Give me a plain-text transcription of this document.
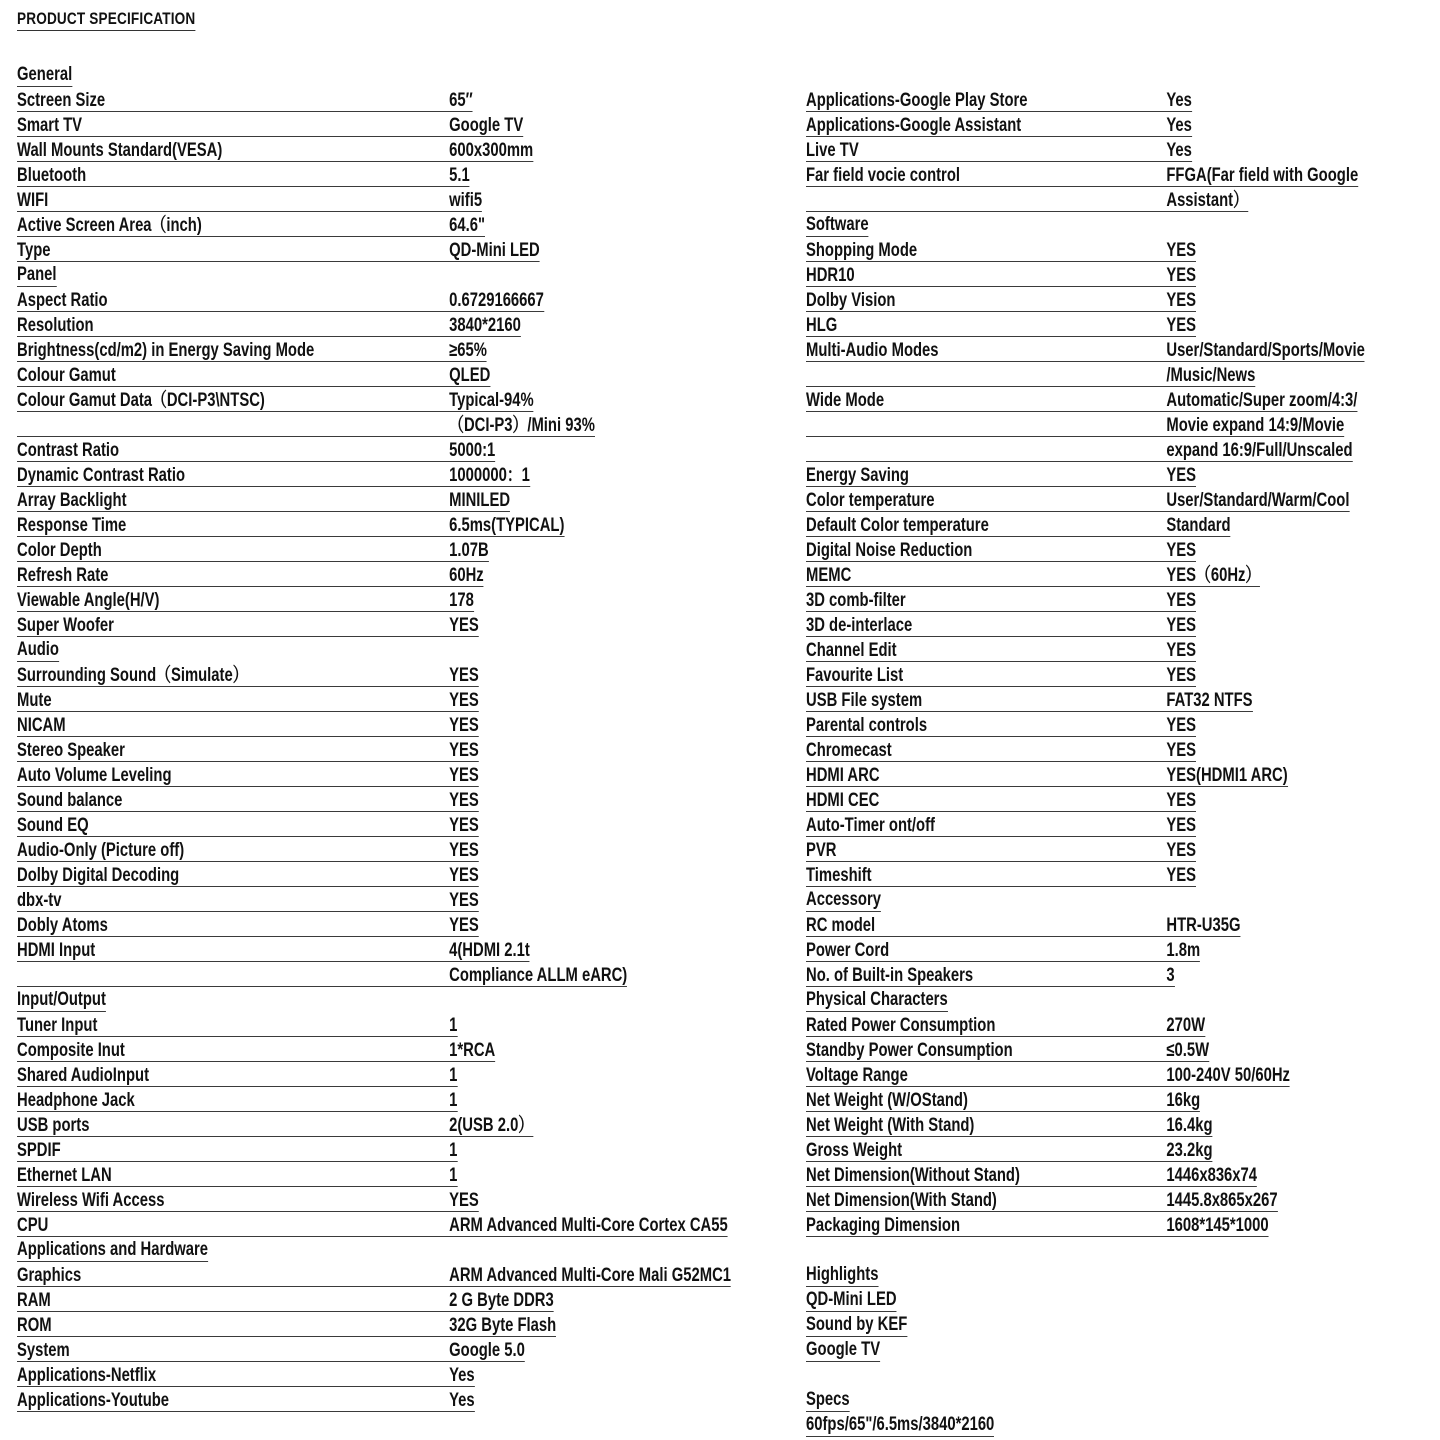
PRODUCT SPECIFICATION
General
Sctreen Size	65″
Smart TV	Google TV
Wall Mounts Standard(VESA)	600x300mm
Bluetooth	5.1
WIFI	wifi5
Active Screen Area（inch)	64.6"
Type	QD-Mini LED
Panel
Aspect Ratio	0.6729166667
Resolution	3840*2160
Brightness(cd/m2) in Energy Saving Mode	≥65%
Colour Gamut	QLED
Colour Gamut Data（DCI-P3\NTSC)	Typical-94%
（DCI-P3）/Mini 93%
Contrast Ratio	5000:1
Dynamic Contrast Ratio	1000000：1
Array Backlight	MINILED
Response Time	6.5ms(TYPICAL)
Color Depth	1.07B
Refresh Rate	60Hz
Viewable Angle(H/V)	178
Super Woofer	YES
Audio
Surrounding Sound（Simulate）	YES
Mute	YES
NICAM	YES
Stereo Speaker	YES
Auto Volume Leveling	YES
Sound balance	YES
Sound EQ	YES
Audio-Only (Picture off)	YES
Dolby Digital Decoding	YES
dbx-tv	YES
Dobly Atoms	YES
HDMI Input	4(HDMI 2.1t
Compliance ALLM eARC)
Input/Output
Tuner Input	1
Composite Inut	1*RCA
Shared AudioInput	1
Headphone Jack	1
USB ports	2(USB 2.0）
SPDIF	1
Ethernet LAN	1
Wireless Wifi Access	YES
CPU	ARM Advanced Multi-Core Cortex CA55
Applications and Hardware
Graphics	ARM Advanced Multi-Core Mali G52MC1
RAM	2 G Byte DDR3
ROM	32G Byte Flash
System	Google 5.0
Applications-Netflix	Yes
Applications-Youtube	Yes
Applications-Google Play Store	Yes
Applications-Google Assistant	Yes
Live TV	Yes
Far field vocie control	FFGA(Far field with Google
Assistant）
Software
Shopping Mode	YES
HDR10	YES
Dolby Vision	YES
HLG	YES
Multi-Audio Modes	User/Standard/Sports/Movie
/Music/News
Wide Mode	Automatic/Super zoom/4:3/
Movie expand 14:9/Movie
expand 16:9/Full/Unscaled
Energy Saving	YES
Color temperature	User/Standard/Warm/Cool
Default Color temperature	Standard
Digital Noise Reduction	YES
MEMC	YES（60Hz）
3D comb-filter	YES
3D de-interlace	YES
Channel Edit	YES
Favourite List	YES
USB File system	FAT32 NTFS
Parental controls	YES
Chromecast	YES
HDMI ARC	YES(HDMI1 ARC)
HDMI CEC	YES
Auto-Timer ont/off	YES
PVR	YES
Timeshift	YES
Accessory
RC model	HTR-U35G
Power Cord	1.8m
No. of Built-in Speakers	3
Physical Characters
Rated Power Consumption	270W
Standby Power Consumption	≤0.5W
Voltage Range	100-240V 50/60Hz
Net Weight (W/OStand)	16kg
Net Weight (With Stand)	16.4kg
Gross Weight	23.2kg
Net Dimension(Without Stand)	1446x836x74
Net Dimension(With Stand)	1445.8x865x267
Packaging Dimension	1608*145*1000
Highlights
QD-Mini LED
Sound by KEF
Google TV
Specs
60fps/65"/6.5ms/3840*2160
